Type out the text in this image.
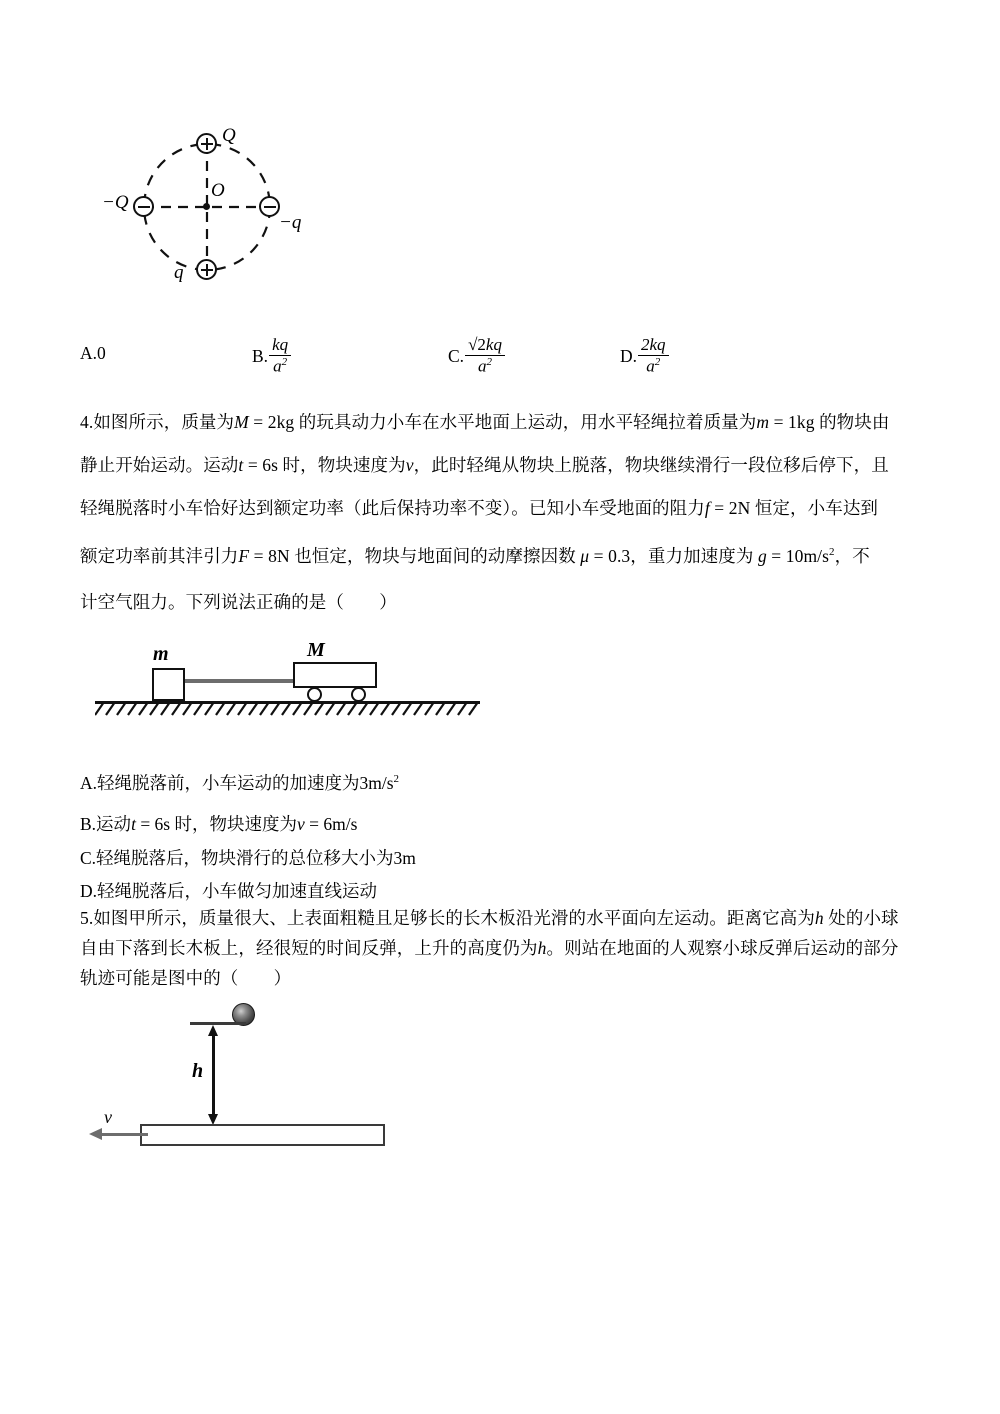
O
Q
−Q
−q
q
A.0	B. $\frac{kq}{a^2}$	C. $\frac{√2kq}{a^2}$	D. $\frac{2kq}{a^2}$
4.如图所示，质量为M = 2kg 的玩具动力小车在水平地面上运动，用水平轻绳拉着质量为m = 1kg 的物块由
静止开始运动。运动t = 6s 时，物块速度为v，此时轻绳从物块上脱落，物块继续滑行一段位移后停下，且
轻绳脱落时小车恰好达到额定功率（此后保持功率不变）。已知小车受地面的阻力f = 2N 恒定，小车达到
额定功率前其沣引力F = 8N 也恒定，物块与地面间的动摩擦因数 μ = 0.3，重力加速度为 $g = 10m/s^2$，不
计空气阻力。下列说法正确的是（　　）
m	M
A.轻绳脱落前，小车运动的加速度为$3m/s^2$
B.运动t = 6s 时，物块速度为v = 6m/s
C.轻绳脱落后，物块滑行的总位移大小为3m
D.轻绳脱落后，小车做匀加速直线运动
5.如图甲所示，质量很大、上表面粗糙且足够长的长木板沿光滑的水平面向左运动。距离它高为h 处的小球
自由下落到长木板上，经很短的时间反弹，上升的高度仍为h。则站在地面的人观察小球反弹后运动的部分
轨迹可能是图中的（　　）
h
v
